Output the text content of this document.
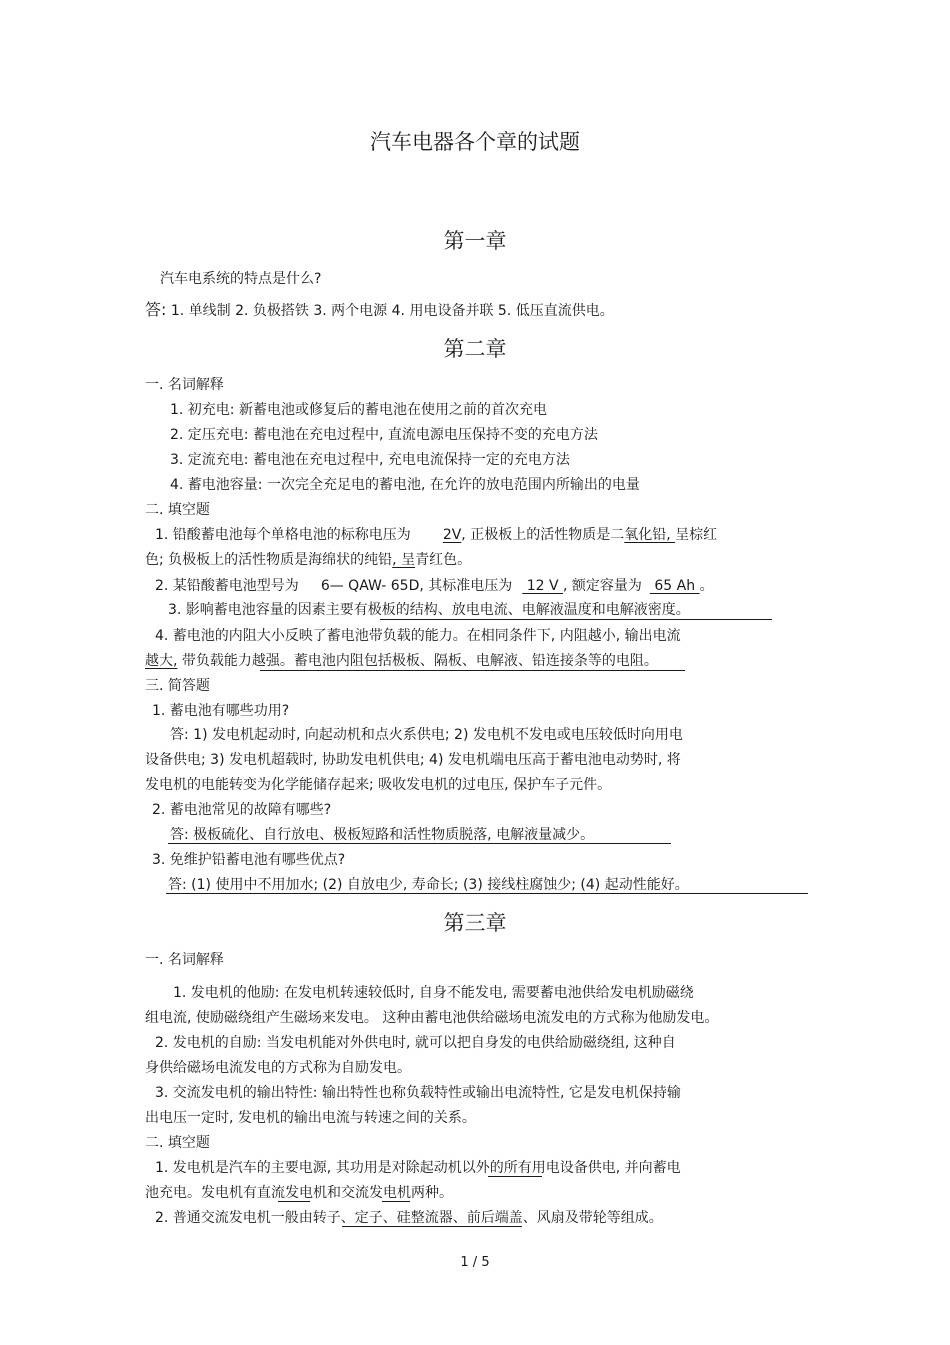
汽车电器各个章的试题
第一章
汽车电系统的特点是什么?
答: 1. 单线制 2. 负极搭铁 3. 两个电源 4. 用电设备并联 5. 低压直流供电。
第二章
一. 名词解释
1. 初充电: 新蓄电池或修复后的蓄电池在使用之前的首次充电
2. 定压充电: 蓄电池在充电过程中, 直流电源电压保持不变的充电方法
3. 定流充电: 蓄电池在充电过程中, 充电电流保持一定的充电方法
4. 蓄电池容量: 一次完全充足电的蓄电池, 在允许的放电范围内所输出的电量
二. 填空题
1. 铅酸蓄电池每个单格电池的标称电压为 2V, 正极板上的活性物质是二氧化铅, 呈棕红
色; 负极板上的活性物质是海绵状的纯铅, 呈青红色。
2. 某铅酸蓄电池型号为 6— QAW- 65D, 其标准电压为 12 V , 额定容量为 65 Ah 。
3. 影响蓄电池容量的因素主要有极板的结构、放电电流、电解液温度和电解液密度。
4. 蓄电池的内阻大小反映了蓄电池带负载的能力。在相同条件下, 内阻越小, 输出电流
越大, 带负载能力越强。蓄电池内阻包括极板、隔板、电解液、铅连接条等的电阻。
三. 简答题
1. 蓄电池有哪些功用?
答: 1) 发电机起动时, 向起动机和点火系供电; 2) 发电机不发电或电压较低时向用电
设备供电; 3) 发电机超载时, 协助发电机供电; 4) 发电机端电压高于蓄电池电动势时, 将
发电机的电能转变为化学能储存起来; 吸收发电机的过电压, 保护车子元件。
2. 蓄电池常见的故障有哪些?
答: 极板硫化、自行放电、极板短路和活性物质脱落, 电解液量减少。
3. 免维护铅蓄电池有哪些优点?
答: (1) 使用中不用加水; (2) 自放电少, 寿命长; (3) 接线柱腐蚀少; (4) 起动性能好。
第三章
一. 名词解释
1. 发电机的他励: 在发电机转速较低时, 自身不能发电, 需要蓄电池供给发电机励磁绕
组电流, 使励磁绕组产生磁场来发电。 这种由蓄电池供给磁场电流发电的方式称为他励发电。
2. 发电机的自励: 当发电机能对外供电时, 就可以把自身发的电供给励磁绕组, 这种自
身供给磁场电流发电的方式称为自励发电。
3. 交流发电机的输出特性: 输出特性也称负载特性或输出电流特性, 它是发电机保持输
出电压一定时, 发电机的输出电流与转速之间的关系。
二. 填空题
1. 发电机是汽车的主要电源, 其功用是对除起动机以外的所有用电设备供电, 并向蓄电
池充电。发电机有直流发电机和交流发电机两种。
2. 普通交流发电机一般由转子、定子、硅整流器、前后端盖、风扇及带轮等组成。
1 / 5
